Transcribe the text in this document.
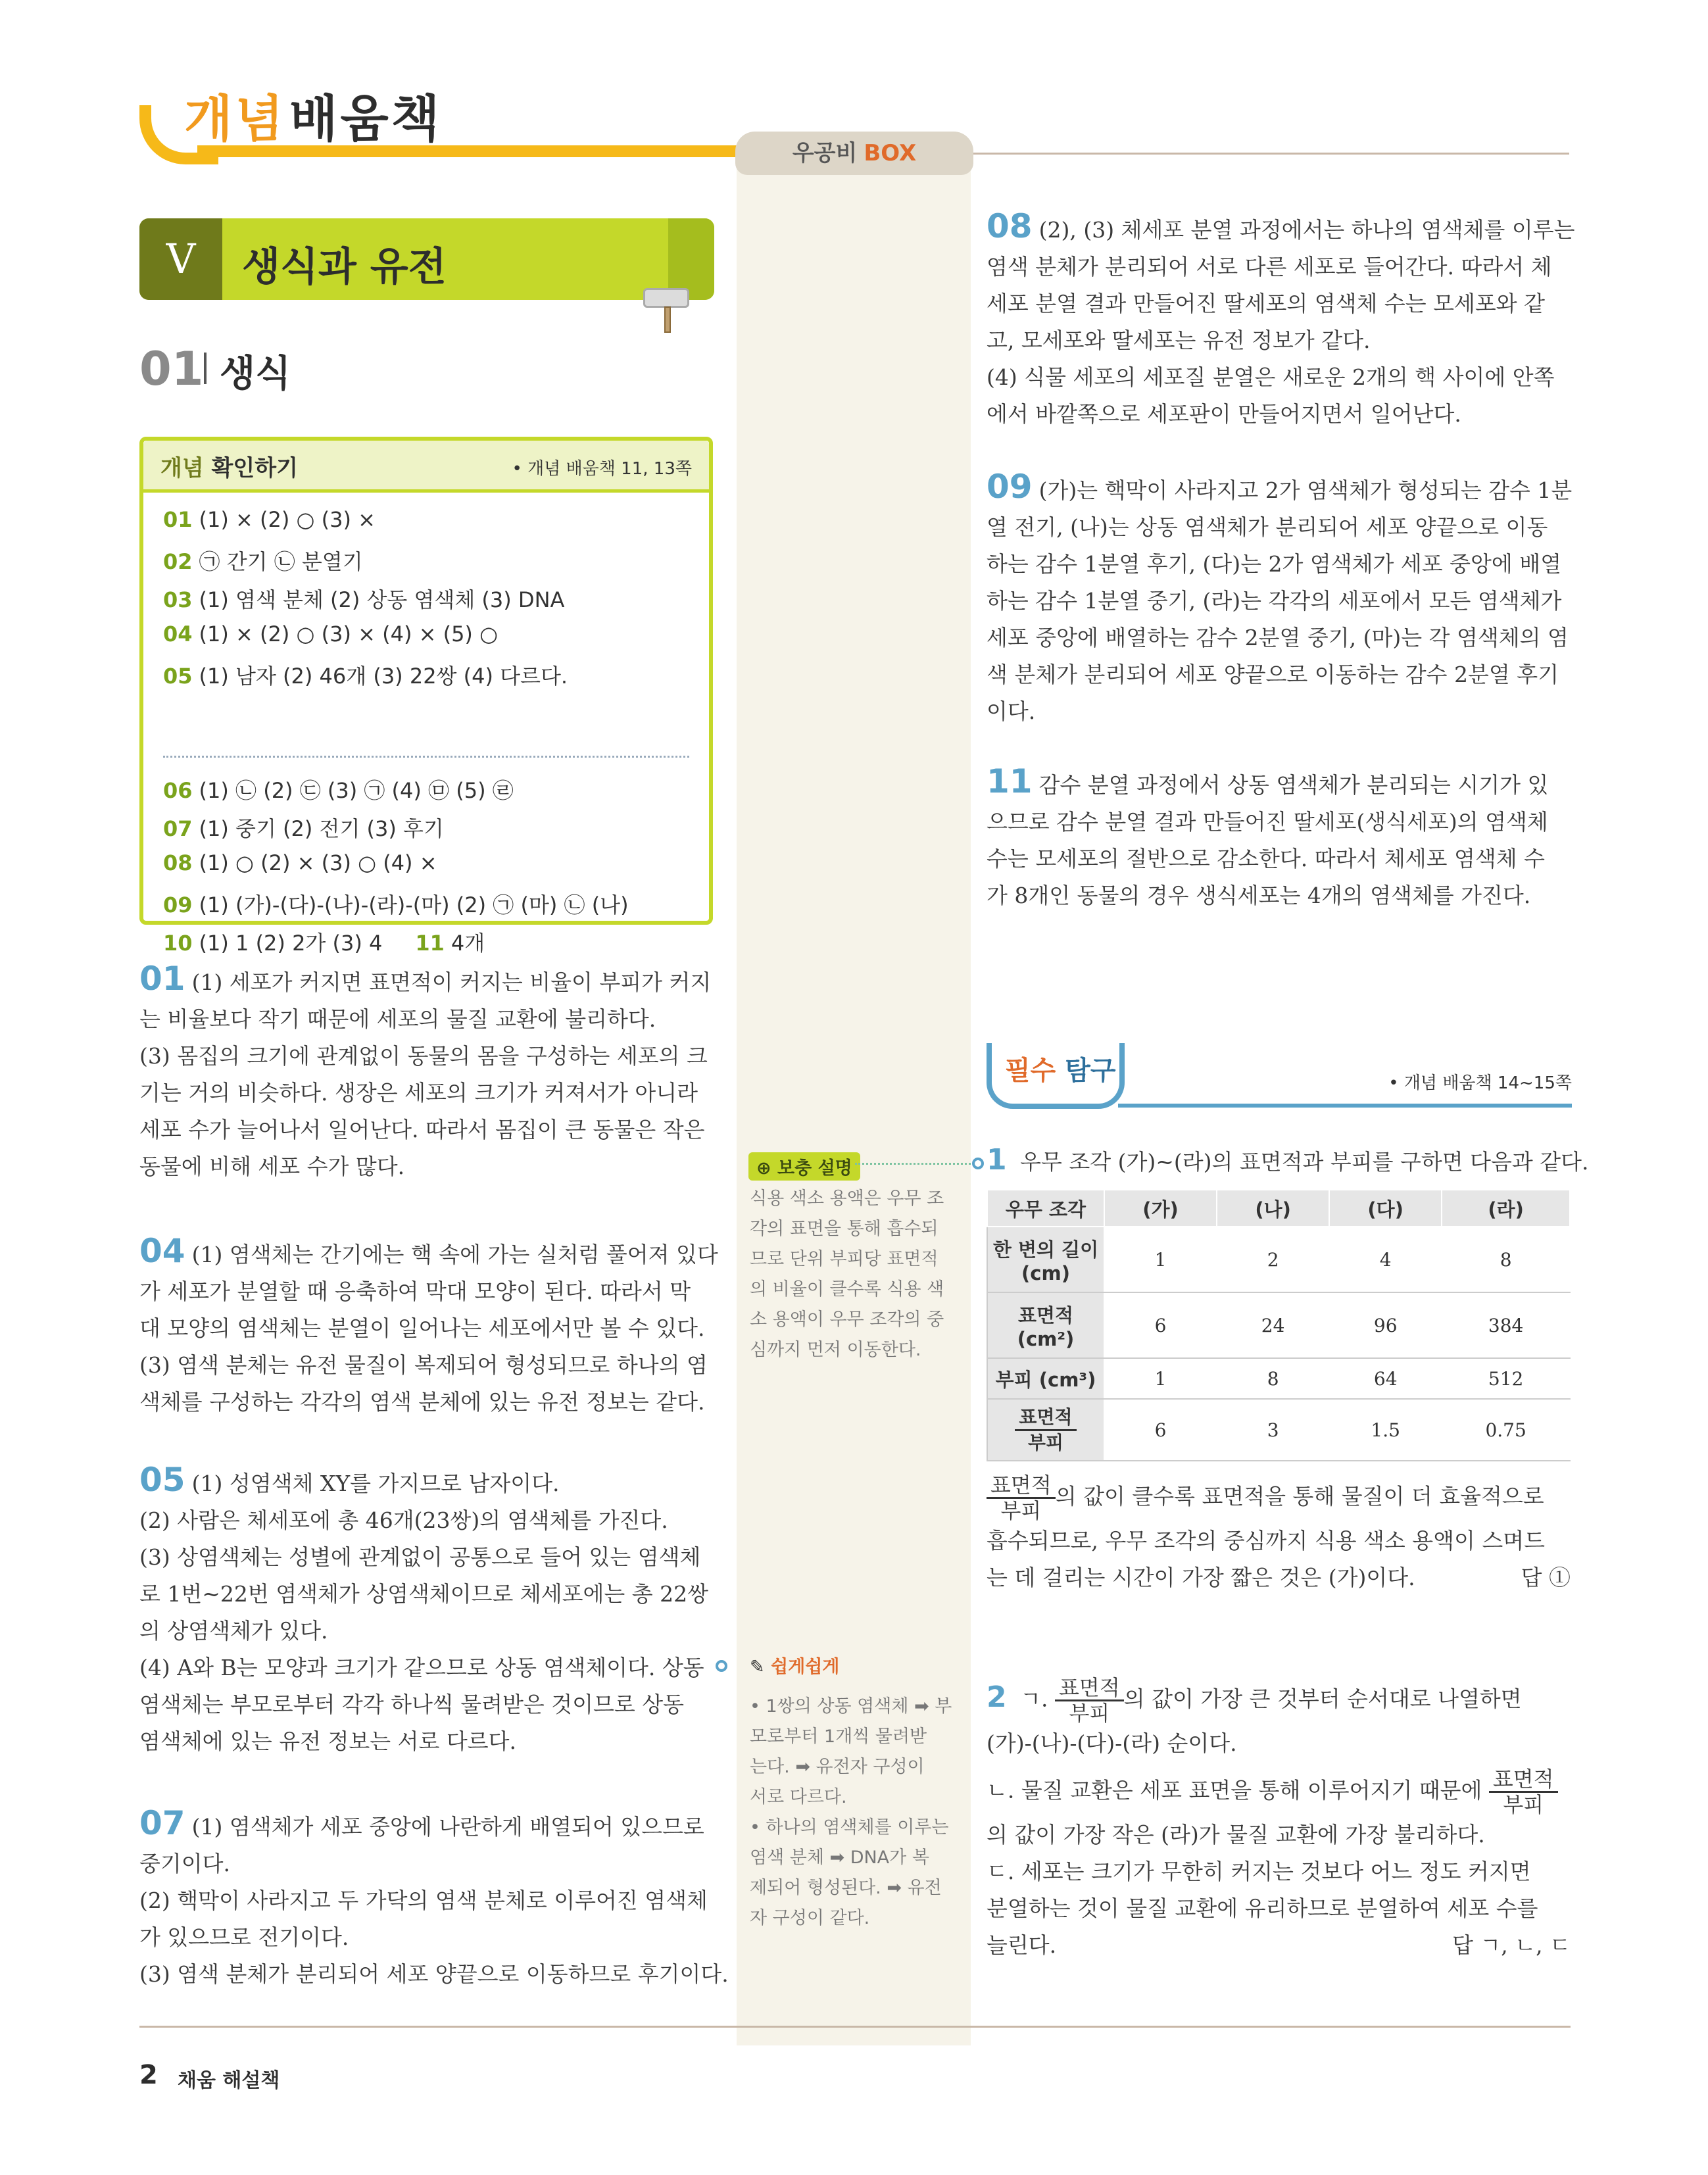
개념 배움책
우공비 BOX
V	생식과 유전
01 생식
개념 확인하기	• 개념 배움책 11, 13쪽
01 (1) × (2) ○ (3) ×
02 ㉠ 간기 ㉡ 분열기
03 (1) 염색 분체 (2) 상동 염색체 (3) DNA
04 (1) × (2) ○ (3) × (4) × (5) ○
05 (1) 남자 (2) 46개 (3) 22쌍 (4) 다르다.
06 (1) ㉡ (2) ㉢ (3) ㉠ (4) ㉤ (5) ㉣
07 (1) 중기 (2) 전기 (3) 후기
08 (1) ○ (2) × (3) ○ (4) ×
09 (1) (가)-(다)-(나)-(라)-(마) (2) ㉠ (마) ㉡ (나)
10 (1) 1 (2) 2가 (3) 4 11 4개
01 (1) 세포가 커지면 표면적이 커지는 비율이 부피가 커지
는 비율보다 작기 때문에 세포의 물질 교환에 불리하다.
(3) 몸집의 크기에 관계없이 동물의 몸을 구성하는 세포의 크
기는 거의 비슷하다. 생장은 세포의 크기가 커져서가 아니라
세포 수가 늘어나서 일어난다. 따라서 몸집이 큰 동물은 작은
동물에 비해 세포 수가 많다.
04 (1) 염색체는 간기에는 핵 속에 가는 실처럼 풀어져 있다
가 세포가 분열할 때 응축하여 막대 모양이 된다. 따라서 막
대 모양의 염색체는 분열이 일어나는 세포에서만 볼 수 있다.
(3) 염색 분체는 유전 물질이 복제되어 형성되므로 하나의 염
색체를 구성하는 각각의 염색 분체에 있는 유전 정보는 같다.
05 (1) 성염색체 XY를 가지므로 남자이다.
(2) 사람은 체세포에 총 46개(23쌍)의 염색체를 가진다.
(3) 상염색체는 성별에 관계없이 공통으로 들어 있는 염색체
로 1번~22번 염색체가 상염색체이므로 체세포에는 총 22쌍
의 상염색체가 있다.
(4) A와 B는 모양과 크기가 같으므로 상동 염색체이다. 상동
염색체는 부모로부터 각각 하나씩 물려받은 것이므로 상동
염색체에 있는 유전 정보는 서로 다르다.
07 (1) 염색체가 세포 중앙에 나란하게 배열되어 있으므로
중기이다.
(2) 핵막이 사라지고 두 가닥의 염색 분체로 이루어진 염색체
가 있으므로 전기이다.
(3) 염색 분체가 분리되어 세포 양끝으로 이동하므로 후기이다.
⊕ 보충 설명
식용 색소 용액은 우무 조
각의 표면을 통해 흡수되
므로 단위 부피당 표면적
의 비율이 클수록 식용 색
소 용액이 우무 조각의 중
심까지 먼저 이동한다.
✎ 쉽게쉽게
• 1쌍의 상동 염색체 ➡ 부
모로부터 1개씩 물려받
는다. ➡ 유전자 구성이
서로 다르다.
• 하나의 염색체를 이루는
염색 분체 ➡ DNA가 복
제되어 형성된다. ➡ 유전
자 구성이 같다.
08 (2), (3) 체세포 분열 과정에서는 하나의 염색체를 이루는
염색 분체가 분리되어 서로 다른 세포로 들어간다. 따라서 체
세포 분열 결과 만들어진 딸세포의 염색체 수는 모세포와 같
고, 모세포와 딸세포는 유전 정보가 같다.
(4) 식물 세포의 세포질 분열은 새로운 2개의 핵 사이에 안쪽
에서 바깥쪽으로 세포판이 만들어지면서 일어난다.
09 (가)는 핵막이 사라지고 2가 염색체가 형성되는 감수 1분
열 전기, (나)는 상동 염색체가 분리되어 세포 양끝으로 이동
하는 감수 1분열 후기, (다)는 2가 염색체가 세포 중앙에 배열
하는 감수 1분열 중기, (라)는 각각의 세포에서 모든 염색체가
세포 중앙에 배열하는 감수 2분열 중기, (마)는 각 염색체의 염
색 분체가 분리되어 세포 양끝으로 이동하는 감수 2분열 후기
이다.
11 감수 분열 과정에서 상동 염색체가 분리되는 시기가 있
으므로 감수 분열 결과 만들어진 딸세포(생식세포)의 염색체
수는 모세포의 절반으로 감소한다. 따라서 체세포 염색체 수
가 8개인 동물의 경우 생식세포는 4개의 염색체를 가진다.
필수 탐구	• 개념 배움책 14~15쪽
1 우무 조각 (가)~(라)의 표면적과 부피를 구하면 다음과 같다.
우무 조각	(가)	(나)	(다)	(라)
한 변의 길이(cm)	1	2	4	8
표면적 (cm²)	6	24	96	384
부피 (cm³)	1	8	64	512

$\frac{\text{표면적}}{\text{부피}}$	6	3	1.5	0.75
$\frac{\text{표면적}}{\text{부피}}$ 의 값이 클수록 표면적을 통해 물질이 더 효율적으로
흡수되므로, 우무 조각의 중심까지 식용 색소 용액이 스며드
는 데 걸리는 시간이 가장 짧은 것은 (가)이다.	답 ①
2 ㄱ. $\frac{\text{표면적}}{\text{부피}}$ 의 값이 가장 큰 것부터 순서대로 나열하면
(가)-(나)-(다)-(라) 순이다.
ㄴ. 물질 교환은 세포 표면을 통해 이루어지기 때문에 $\frac{\text{표면적}}{\text{부피}}$
의 값이 가장 작은 (라)가 물질 교환에 가장 불리하다.
ㄷ. 세포는 크기가 무한히 커지는 것보다 어느 정도 커지면
분열하는 것이 물질 교환에 유리하므로 분열하여 세포 수를
늘린다.	답 ㄱ, ㄴ, ㄷ
2 채움 해설책
